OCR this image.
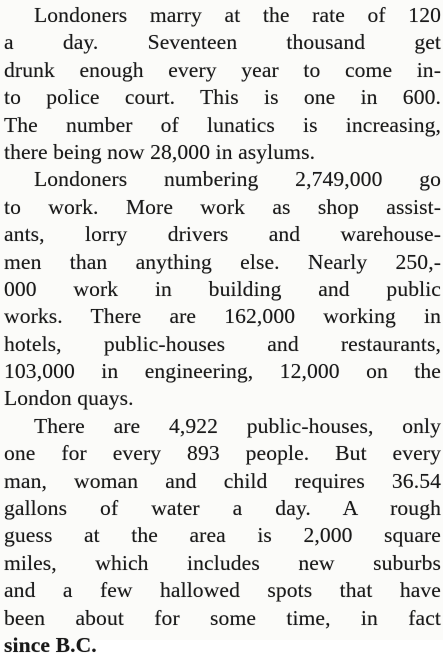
Londoners marry at the rate of 120
a day. Seventeen thousand get
drunk enough every year to come in-
to police court. This is one in 600.
The number of lunatics is increasing,
there being now 28,000 in asylums.
Londoners numbering 2,749,000 go
to work. More work as shop assist-
ants, lorry drivers and warehouse-
men than anything else. Nearly 250,-
000 work in building and public
works. There are 162,000 working in
hotels, public-houses and restaurants,
103,000 in engineering, 12,000 on the
London quays.
There are 4,922 public-houses, only
one for every 893 people. But every
man, woman and child requires 36.54
gallons of water a day. A rough
guess at the area is 2,000 square
miles, which includes new suburbs
and a few hallowed spots that have
been about for some time, in fact
since B.C.
